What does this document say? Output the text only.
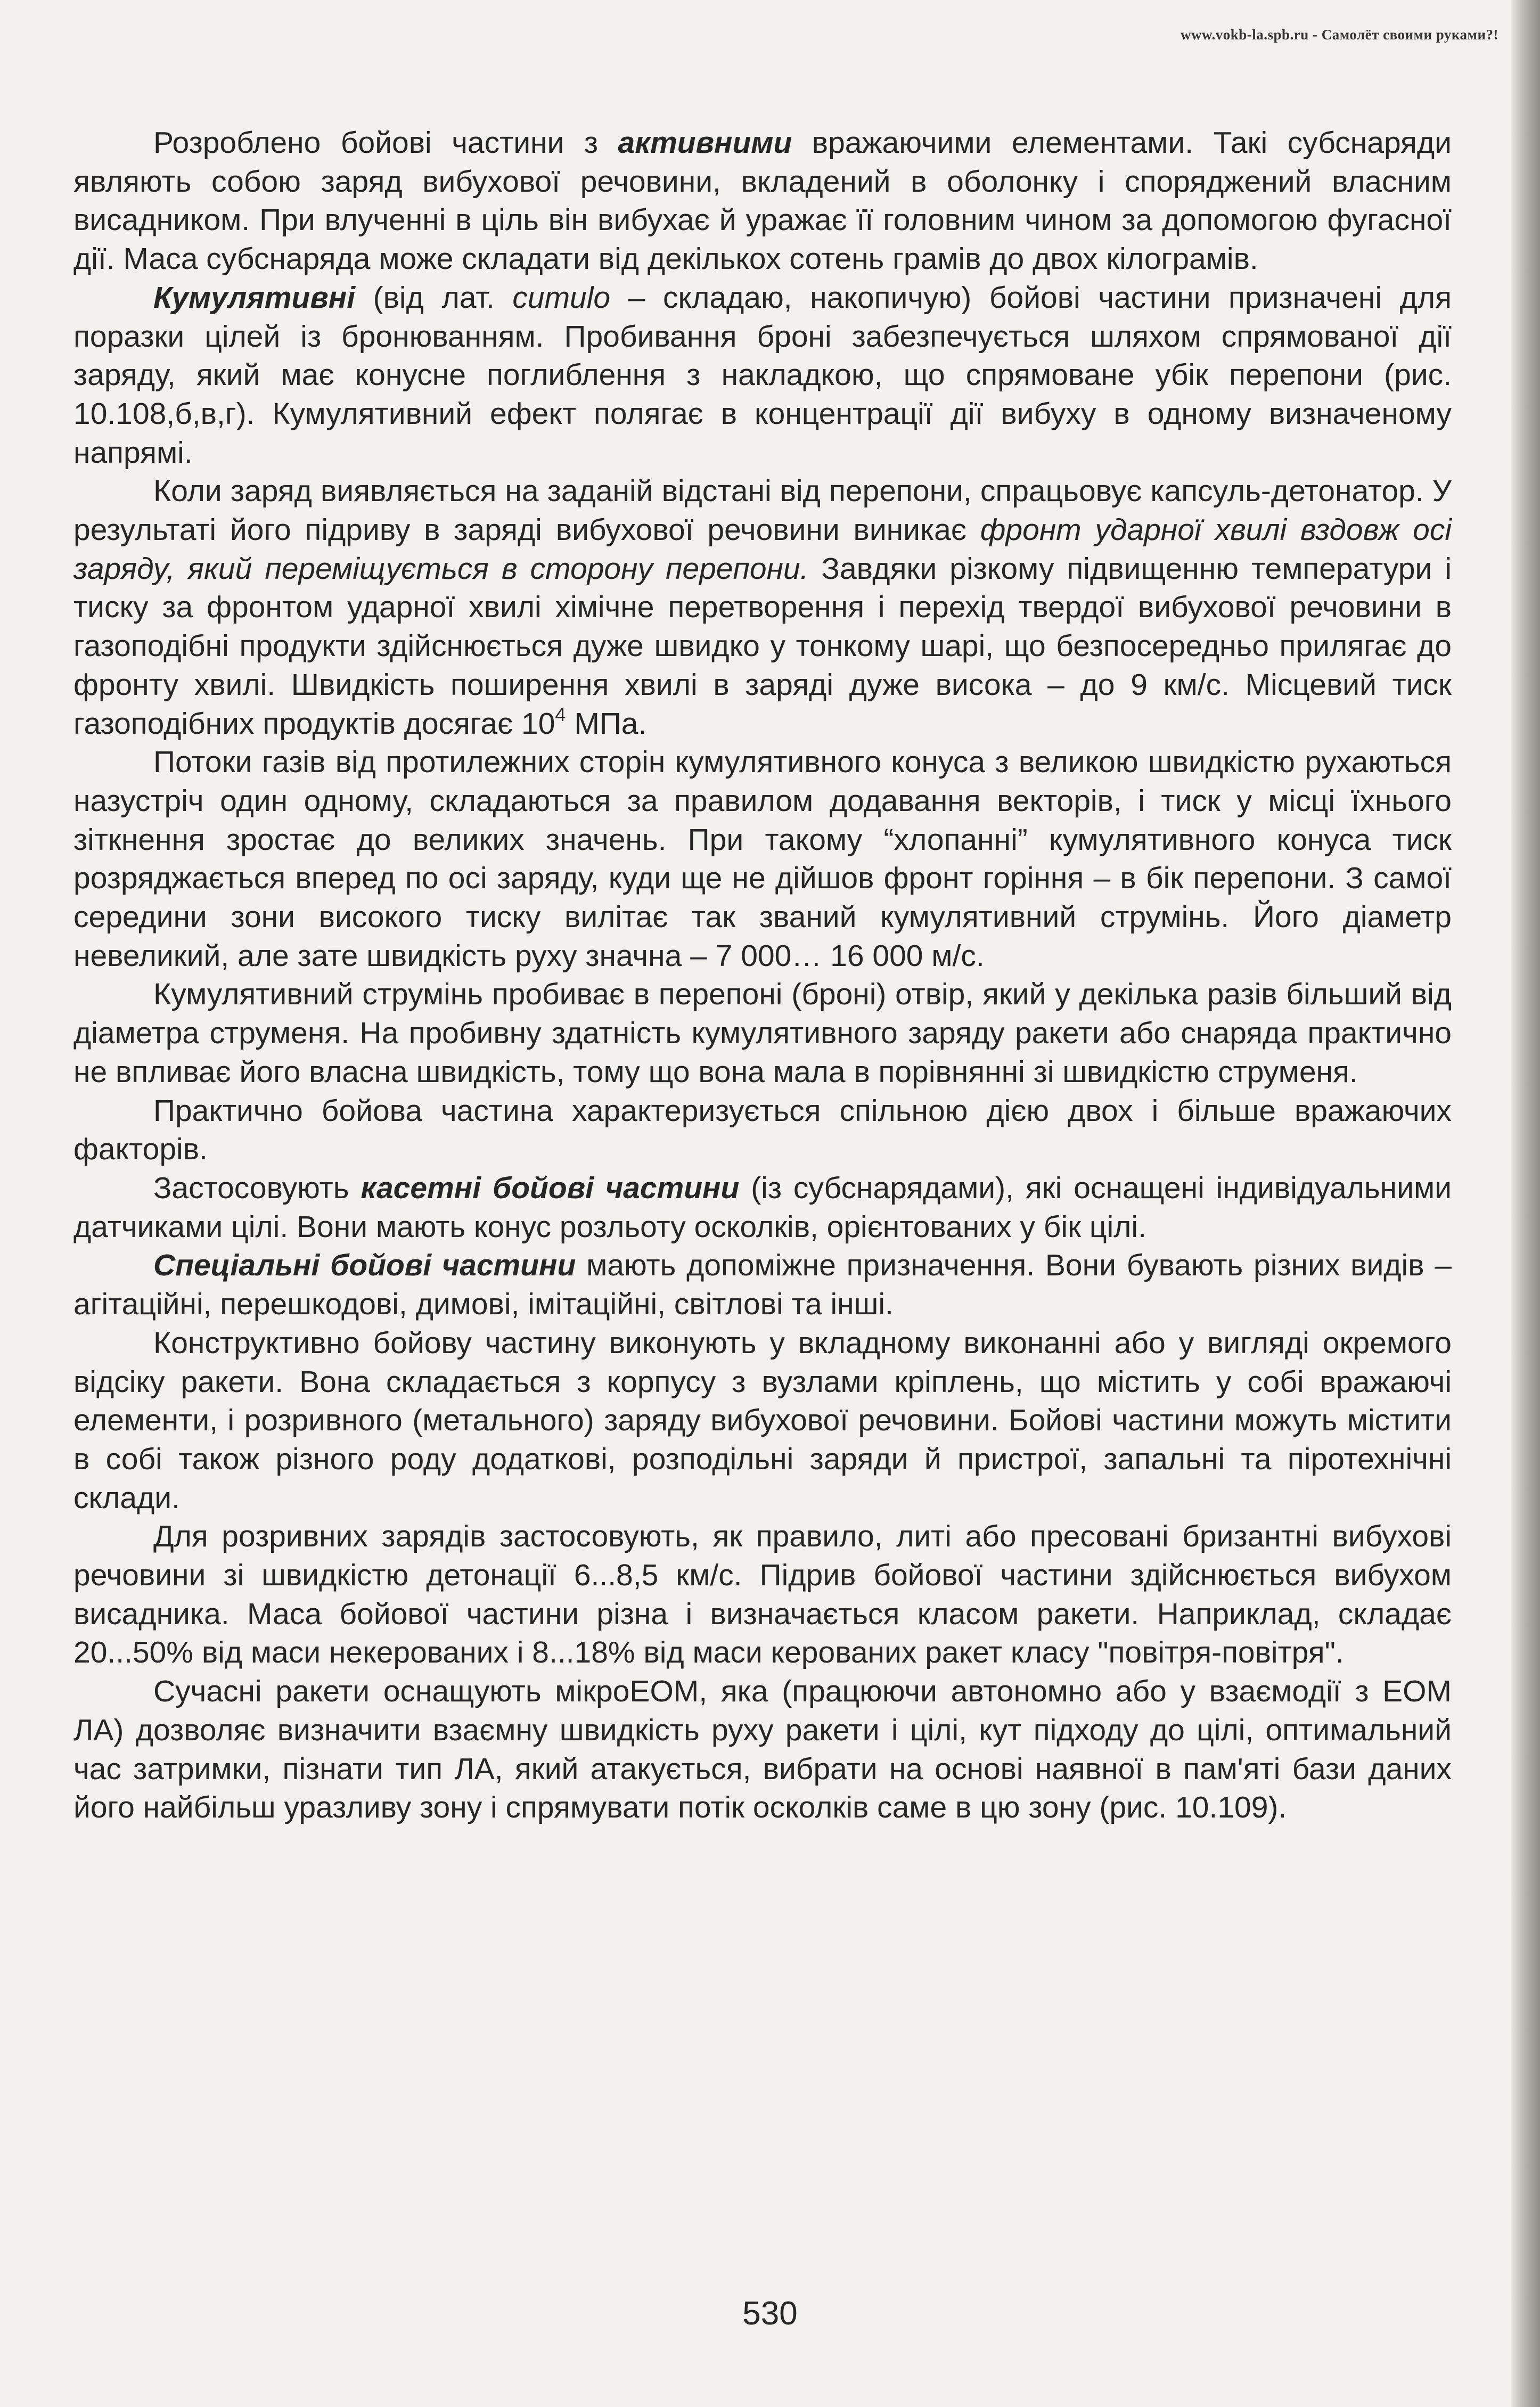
www.vokb-la.spb.ru - Самолёт своими руками?!

Розроблено бойові частини з активними вражаючими елементами. Такі субснаряди являють собою заряд вибухової речовини, вкладений в оболонку і споряджений власним висадником. При влученні в ціль він вибухає й уражає її головним чином за допомогою фугасної дії. Маса субснаряда може складати від декількох сотень грамів до двох кілограмів.

Кумулятивні (від лат. cumulo – складаю, накопичую) бойові частини призначені для поразки цілей із бронюванням. Пробивання броні забезпечується шляхом спрямованої дії заряду, який має конусне поглиблення з накладкою, що спрямоване убік перепони (рис. 10.108,б,в,г). Кумулятивний ефект полягає в концентрації дії вибуху в одному визначеному напрямі.

Коли заряд виявляється на заданій відстані від перепони, спрацьовує капсуль-детонатор. У результаті його підриву в заряді вибухової речовини виникає фронт ударної хвилі вздовж осі заряду, який переміщується в сторону перепони. Завдяки різкому підвищенню температури і тиску за фронтом ударної хвилі хімічне перетворення і перехід твердої вибухової речовини в газоподібні продукти здійснюється дуже швидко у тонкому шарі, що безпосередньо прилягає до фронту хвилі. Швидкість поширення хвилі в заряді дуже висока – до 9 км/с. Місцевий тиск газоподібних продуктів досягає $10^4$ МПа.

Потоки газів від протилежних сторін кумулятивного конуса з великою швидкістю рухаються назустріч один одному, складаються за правилом додавання векторів, і тиск у місці їхнього зіткнення зростає до великих значень. При такому “хлопанні” кумулятивного конуса тиск розряджається вперед по осі заряду, куди ще не дійшов фронт горіння – в бік перепони. З самої середини зони високого тиску вилітає так званий кумулятивний струмінь. Його діаметр невеликий, але зате швидкість руху значна – 7 000… 16 000 м/с.

Кумулятивний струмінь пробиває в перепоні (броні) отвір, який у декілька разів більший від діаметра струменя. На пробивну здатність кумулятивного заряду ракети або снаряда практично не впливає його власна швидкість, тому що вона мала в порівнянні зі швидкістю струменя.

Практично бойова частина характеризується спільною дією двох і більше вражаючих факторів.

Застосовують касетні бойові частини (із субснарядами), які оснащені індивідуальними датчиками цілі. Вони мають конус розльоту осколків, орієнтованих у бік цілі.

Спеціальні бойові частини мають допоміжне призначення. Вони бувають різних видів – агітаційні, перешкодові, димові, імітаційні, світлові та інші.

Конструктивно бойову частину виконують у вкладному виконанні або у вигляді окремого відсіку ракети. Вона складається з корпусу з вузлами кріплень, що містить у собі вражаючі елементи, і розривного (метального) заряду вибухової речовини. Бойові частини можуть містити в собі також різного роду додаткові, розподільні заряди й пристрої, запальні та піротехнічні склади.

Для розривних зарядів застосовують, як правило, литі або пресовані бризантні вибухові речовини зі швидкістю детонації 6...8,5 км/с. Підрив бойової частини здійснюється вибухом висадника. Маса бойової частини різна і визначається класом ракети. Наприклад, складає 20...50% від маси некерованих і 8...18% від маси керованих ракет класу "повітря-повітря".

Сучасні ракети оснащують мікроЕОМ, яка (працюючи автономно або у взаємодії з ЕОМ ЛА) дозволяє визначити взаємну швидкість руху ракети і цілі, кут підходу до цілі, оптимальний час затримки, пізнати тип ЛА, який атакується, вибрати на основі наявної в пам'яті бази даних його найбільш уразливу зону і спрямувати потік осколків саме в цю зону (рис. 10.109).

530
